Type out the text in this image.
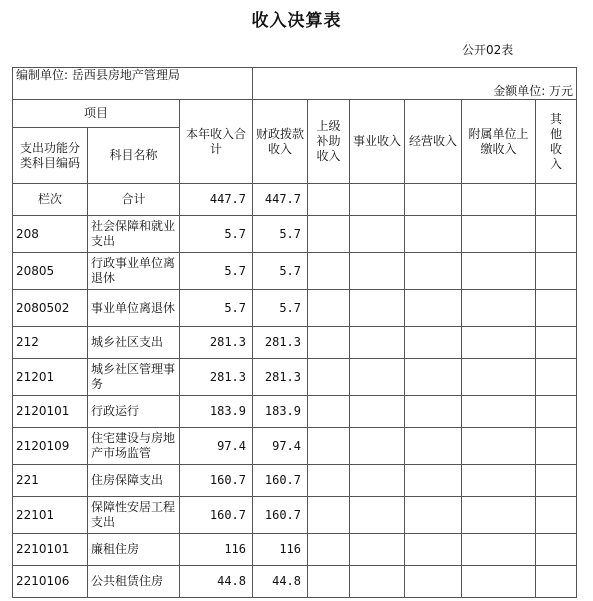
收入决算表
公开02表
编制单位: 岳西县房地产管理局			金额单位: 万元					
项目		本年收入合计	财政拨款收入	上级补助收入	事业收入	经营收入	附属单位上缴收入	其他收入
支出功能分类科目编码	科目名称							
栏次	合计	447.7	447.7					
208	社会保障和就业支出	5.7	5.7					
20805	行政事业单位离退休	5.7	5.7					
2080502	事业单位离退休	5.7	5.7					
212	城乡社区支出	281.3	281.3					
21201	城乡社区管理事务	281.3	281.3					
2120101	行政运行	183.9	183.9					
2120109	住宅建设与房地产市场监管	97.4	97.4					
221	住房保障支出	160.7	160.7					
22101	保障性安居工程支出	160.7	160.7					
2210101	廉租住房	116	116					
2210106	公共租赁住房	44.8	44.8					
